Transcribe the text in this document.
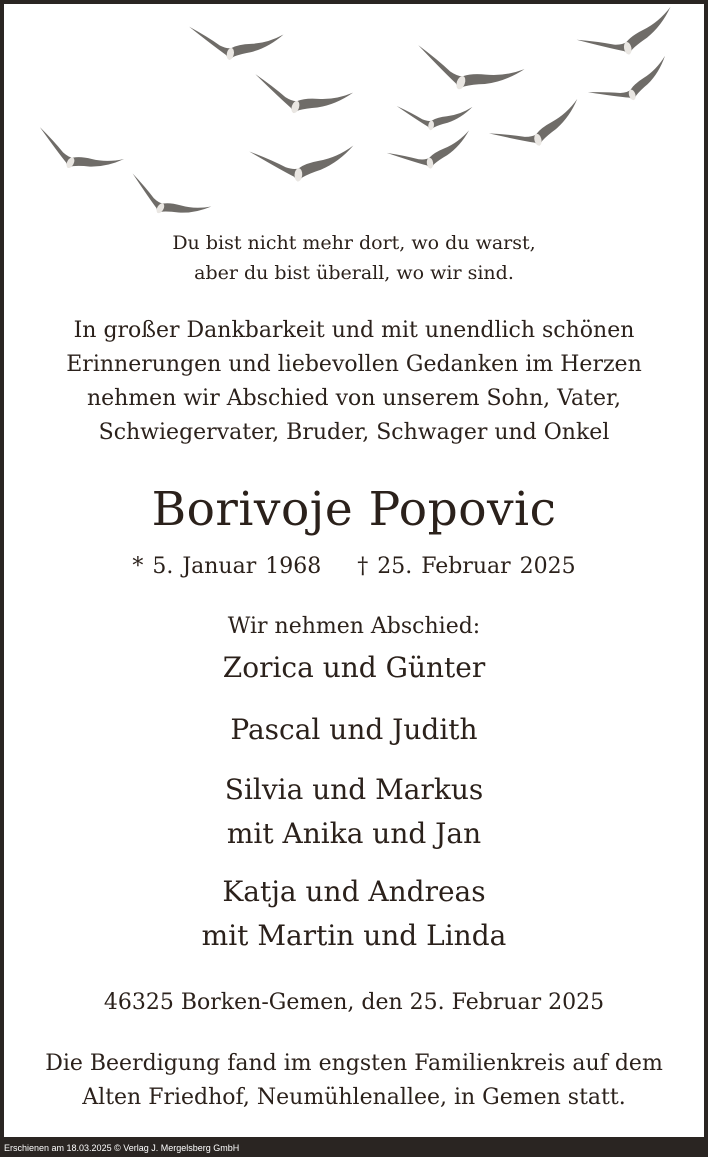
Du bist nicht mehr dort, wo du warst,
aber du bist überall, wo wir sind.
In großer Dankbarkeit und mit unendlich schönen
Erinnerungen und liebevollen Gedanken im Herzen
nehmen wir Abschied von unserem Sohn, Vater,
Schwiegervater, Bruder, Schwager und Onkel
Borivoje Popovic
* 5. Januar 1968 † 25. Februar 2025
Wir nehmen Abschied:
Zorica und Günter
Pascal und Judith
Silvia und Markus
mit Anika und Jan
Katja und Andreas
mit Martin und Linda
46325 Borken-Gemen, den 25. Februar 2025
Die Beerdigung fand im engsten Familienkreis auf dem
Alten Friedhof, Neumühlenallee, in Gemen statt.
Erschienen am 18.03.2025 © Verlag J. Mergelsberg GmbH
